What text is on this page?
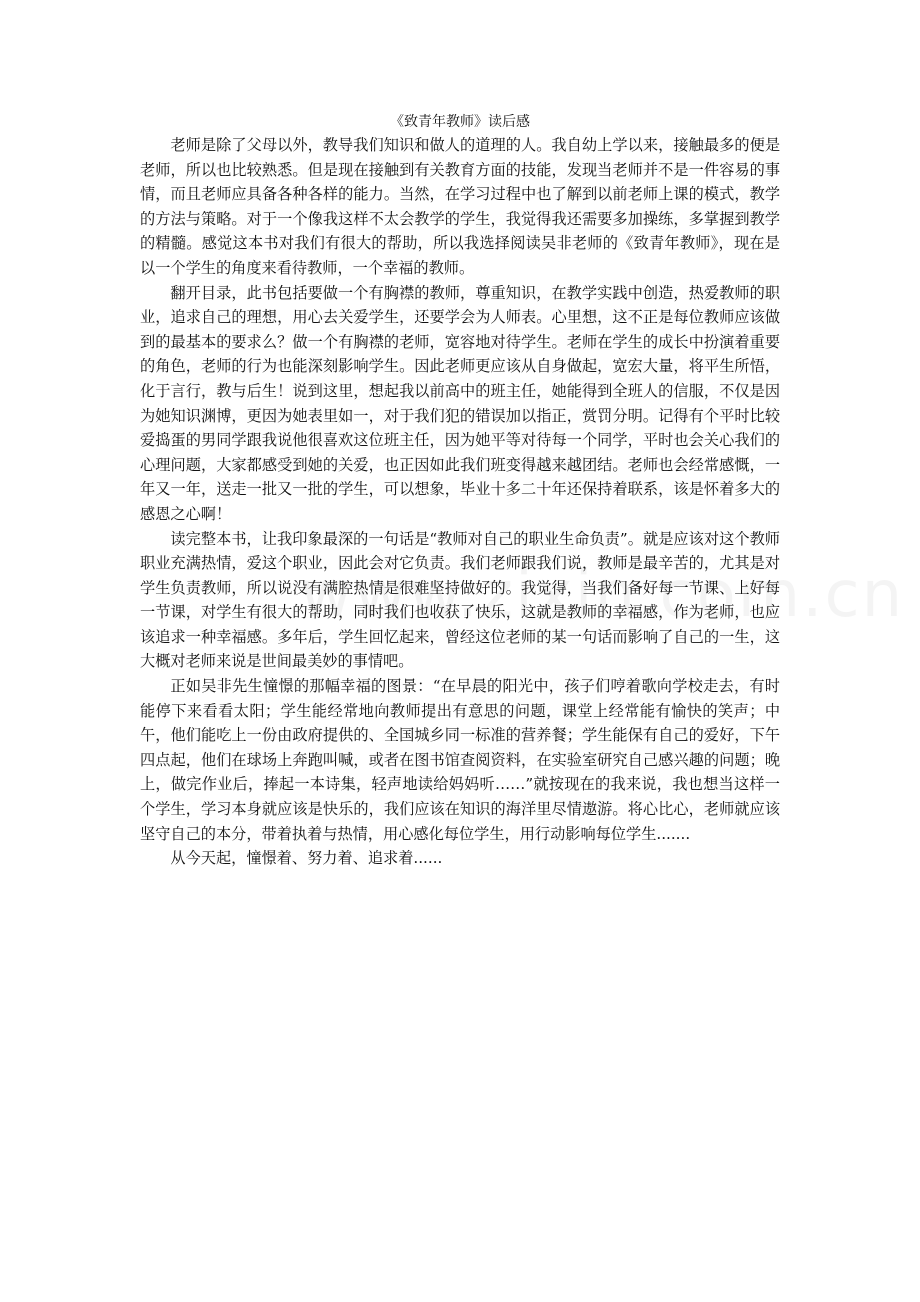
《致青年教师》读后感

老师是除了父母以外，教导我们知识和做人的道理的人。我自幼上学以来，接触最多的便是老师，所以也比较熟悉。但是现在接触到有关教育方面的技能，发现当老师并不是一件容易的事情，而且老师应具备各种各样的能力。当然，在学习过程中也了解到以前老师上课的模式，教学的方法与策略。对于一个像我这样不太会教学的学生，我觉得我还需要多加操练，多掌握到教学的精髓。感觉这本书对我们有很大的帮助，所以我选择阅读吴非老师的《致青年教师》，现在是以一个学生的角度来看待教师，一个幸福的教师。

翻开目录，此书包括要做一个有胸襟的教师，尊重知识，在教学实践中创造，热爱教师的职业，追求自己的理想，用心去关爱学生，还要学会为人师表。心里想，这不正是每位教师应该做到的最基本的要求么？做一个有胸襟的老师，宽容地对待学生。老师在学生的成长中扮演着重要的角色，老师的行为也能深刻影响学生。因此老师更应该从自身做起，宽宏大量，将平生所悟，化于言行，教与后生！说到这里，想起我以前高中的班主任，她能得到全班人的信服，不仅是因为她知识渊博，更因为她表里如一，对于我们犯的错误加以指正，赏罚分明。记得有个平时比较爱捣蛋的男同学跟我说他很喜欢这位班主任，因为她平等对待每一个同学，平时也会关心我们的心理问题，大家都感受到她的关爱，也正因如此我们班变得越来越团结。老师也会经常感慨，一年又一年，送走一批又一批的学生，可以想象，毕业十多二十年还保持着联系，该是怀着多大的感恩之心啊！

读完整本书，让我印象最深的一句话是“教师对自己的职业生命负责”。就是应该对这个教师职业充满热情，爱这个职业，因此会对它负责。我们老师跟我们说，教师是最辛苦的，尤其是对学生负责教师，所以说没有满腔热情是很难坚持做好的。我觉得，当我们备好每一节课、上好每一节课，对学生有很大的帮助，同时我们也收获了快乐，这就是教师的幸福感，作为老师，也应该追求一种幸福感。多年后，学生回忆起来，曾经这位老师的某一句话而影响了自己的一生，这大概对老师来说是世间最美妙的事情吧。

正如吴非先生憧憬的那幅幸福的图景：“在早晨的阳光中，孩子们哼着歌向学校走去，有时能停下来看看太阳；学生能经常地向教师提出有意思的问题，课堂上经常能有愉快的笑声；中午，他们能吃上一份由政府提供的、全国城乡同一标准的营养餐；学生能保有自己的爱好，下午四点起，他们在球场上奔跑叫喊，或者在图书馆查阅资料，在实验室研究自己感兴趣的问题；晚上，做完作业后，捧起一本诗集，轻声地读给妈妈听……”就按现在的我来说，我也想当这样一个学生，学习本身就应该是快乐的，我们应该在知识的海洋里尽情遨游。将心比心，老师就应该坚守自己的本分，带着执着与热情，用心感化每位学生，用行动影响每位学生.......

从今天起，憧憬着、努力着、追求着......
